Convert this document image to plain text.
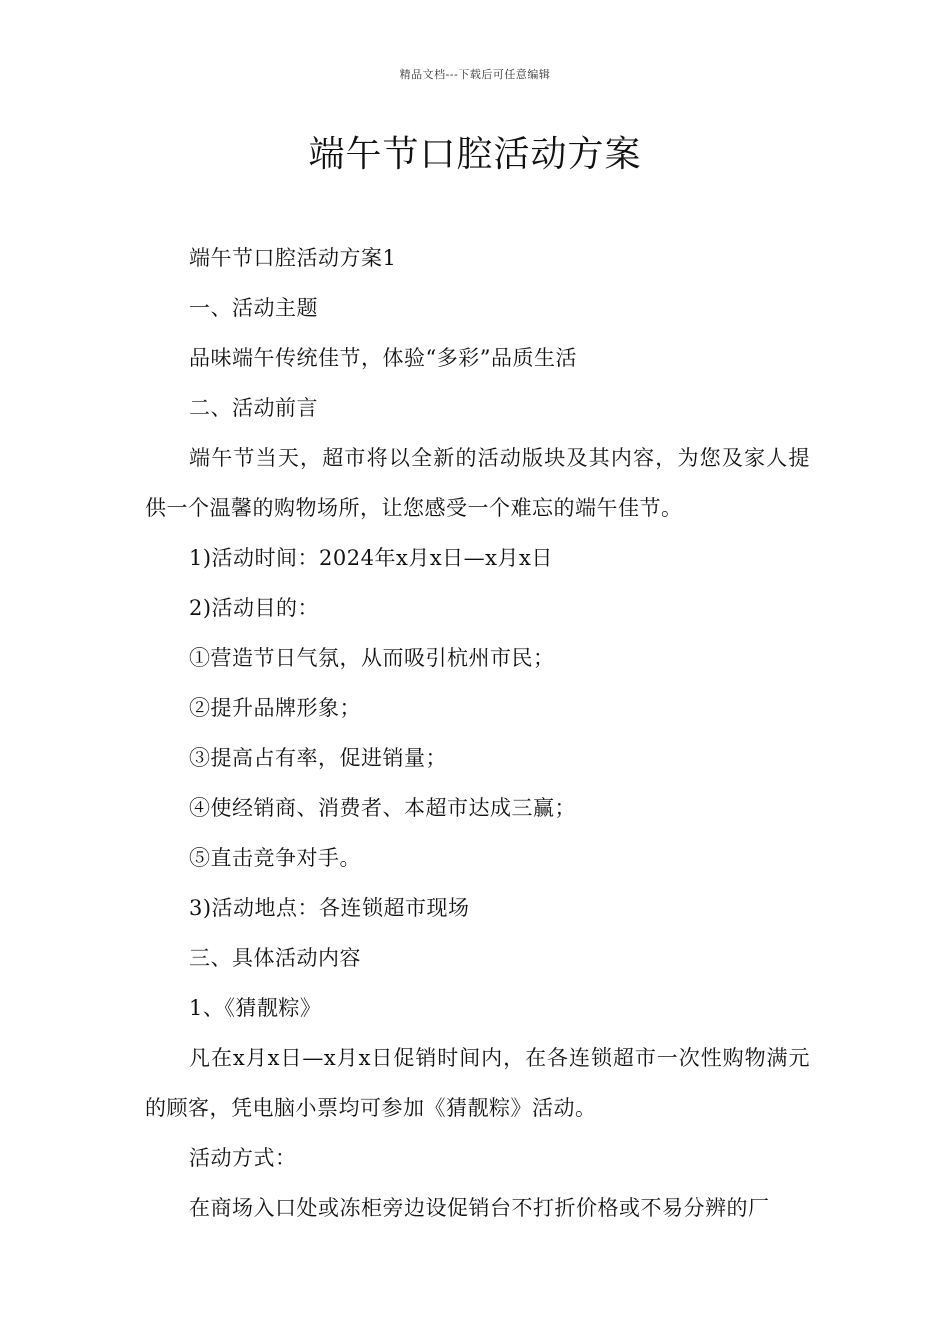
精品文档---下载后可任意编辑
端午节口腔活动方案

端午节口腔活动方案1

一、活动主题

品味端午传统佳节，体验“多彩”品质生活

二、活动前言

端午节当天，超市将以全新的活动版块及其内容，为您及家人提供一个温馨的购物场所，让您感受一个难忘的端午佳节。

1)活动时间：2024年x月x日—x月x日

2)活动目的：

①营造节日气氛，从而吸引杭州市民；

②提升品牌形象；

③提高占有率，促进销量；

④使经销商、消费者、本超市达成三赢；

⑤直击竞争对手。

3)活动地点：各连锁超市现场

三、具体活动内容

1、《猜靓粽》

凡在x月x日—x月x日促销时间内，在各连锁超市一次性购物满元的顾客，凭电脑小票均可参加《猜靓粽》活动。

活动方式：

在商场入口处或冻柜旁边设促销台不打折价格或不易分辨的厂
